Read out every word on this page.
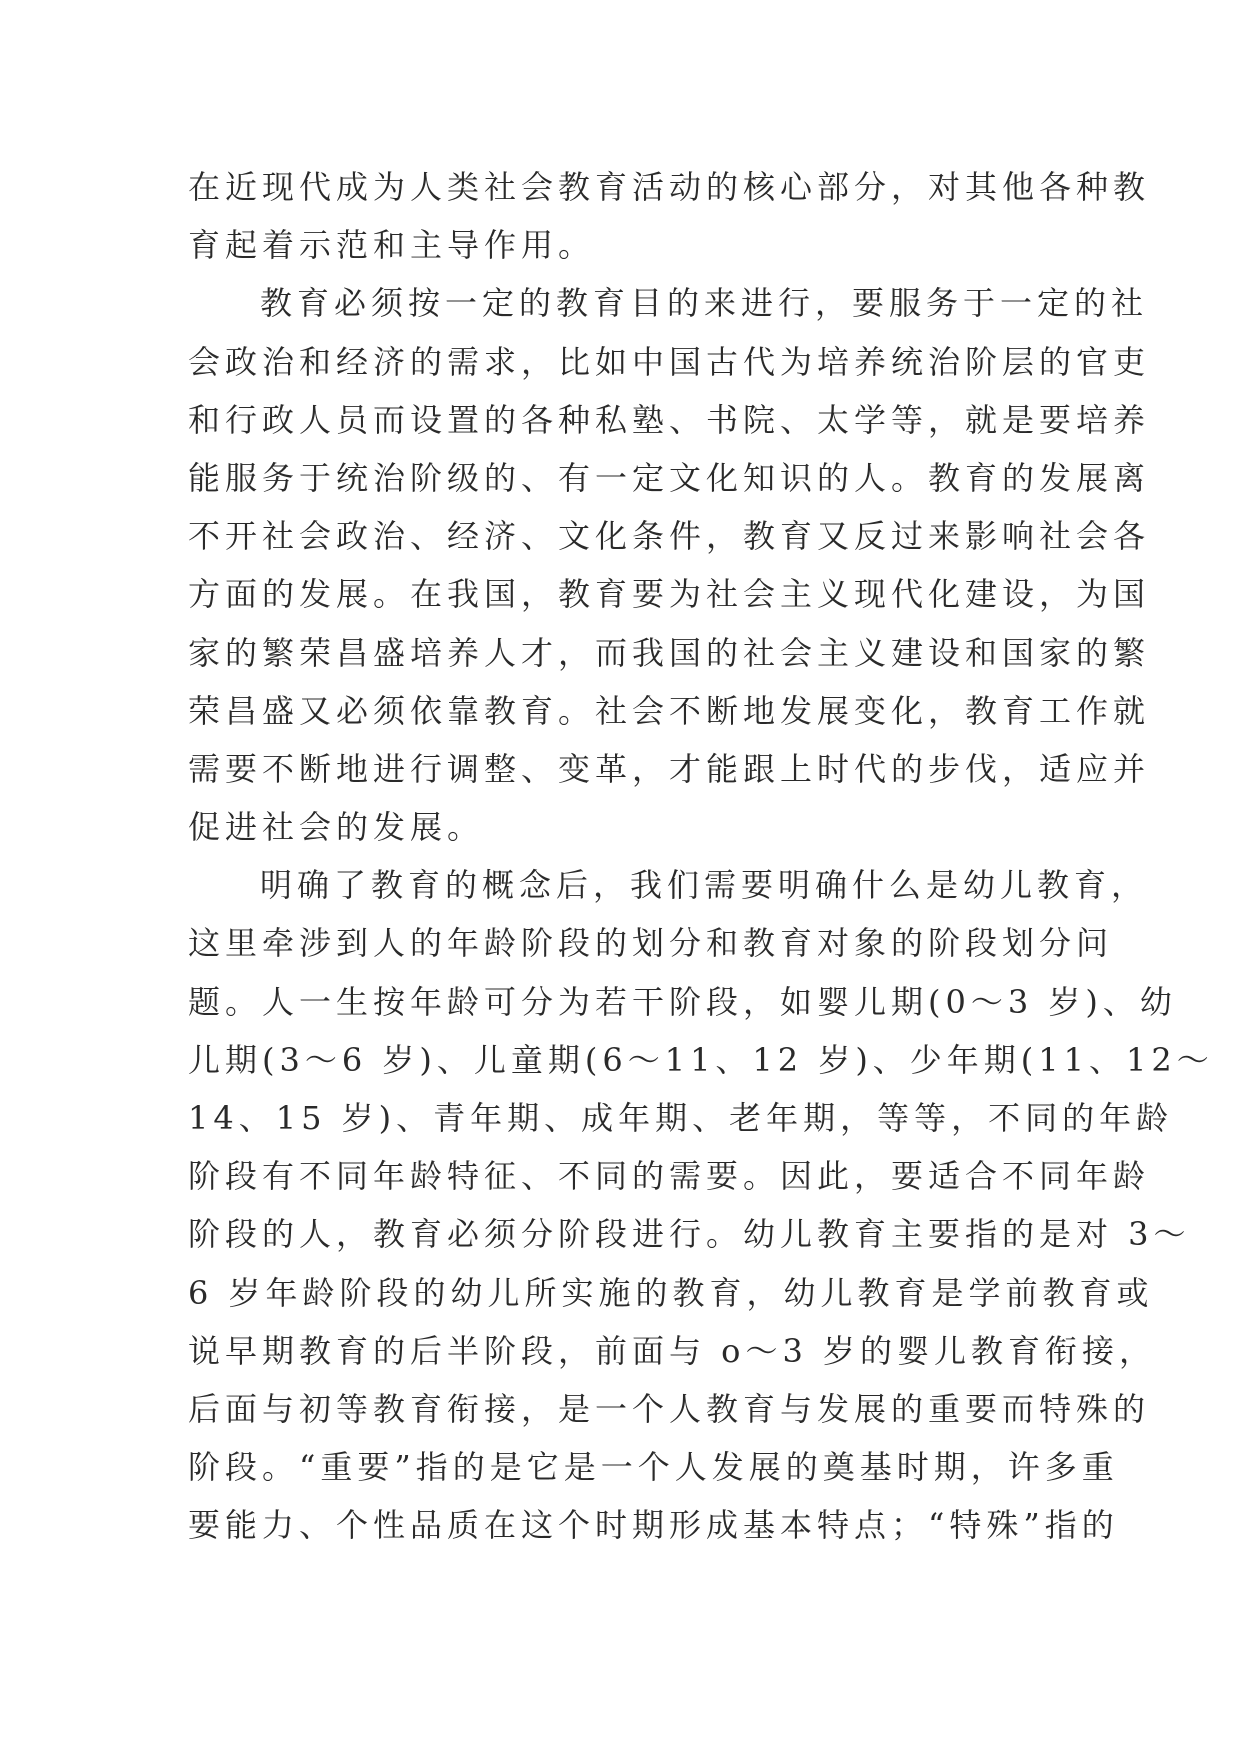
在近现代成为人类社会教育活动的核心部分，对其他各种教
育起着示范和主导作用。
教育必须按一定的教育目的来进行，要服务于一定的社
会政治和经济的需求，比如中国古代为培养统治阶层的官吏
和行政人员而设置的各种私塾、书院、太学等，就是要培养
能服务于统治阶级的、有一定文化知识的人。教育的发展离
不开社会政治、经济、文化条件，教育又反过来影响社会各
方面的发展。在我国，教育要为社会主义现代化建设，为国
家的繁荣昌盛培养人才，而我国的社会主义建设和国家的繁
荣昌盛又必须依靠教育。社会不断地发展变化，教育工作就
需要不断地进行调整、变革，才能跟上时代的步伐，适应并
促进社会的发展。
明确了教育的概念后，我们需要明确什么是幼儿教育，
这里牵涉到人的年龄阶段的划分和教育对象的阶段划分问
题。人一生按年龄可分为若干阶段，如婴儿期(0～3 岁)、幼
儿期(3～6 岁)、儿童期(6～11、12 岁)、少年期(11、12～
14、15 岁)、青年期、成年期、老年期，等等，不同的年龄
阶段有不同年龄特征、不同的需要。因此，要适合不同年龄
阶段的人，教育必须分阶段进行。幼儿教育主要指的是对 3～
6 岁年龄阶段的幼儿所实施的教育，幼儿教育是学前教育或
说早期教育的后半阶段，前面与 o～3 岁的婴儿教育衔接，
后面与初等教育衔接，是一个人教育与发展的重要而特殊的
阶段。“重要”指的是它是一个人发展的奠基时期，许多重
要能力、个性品质在这个时期形成基本特点；“特殊”指的
